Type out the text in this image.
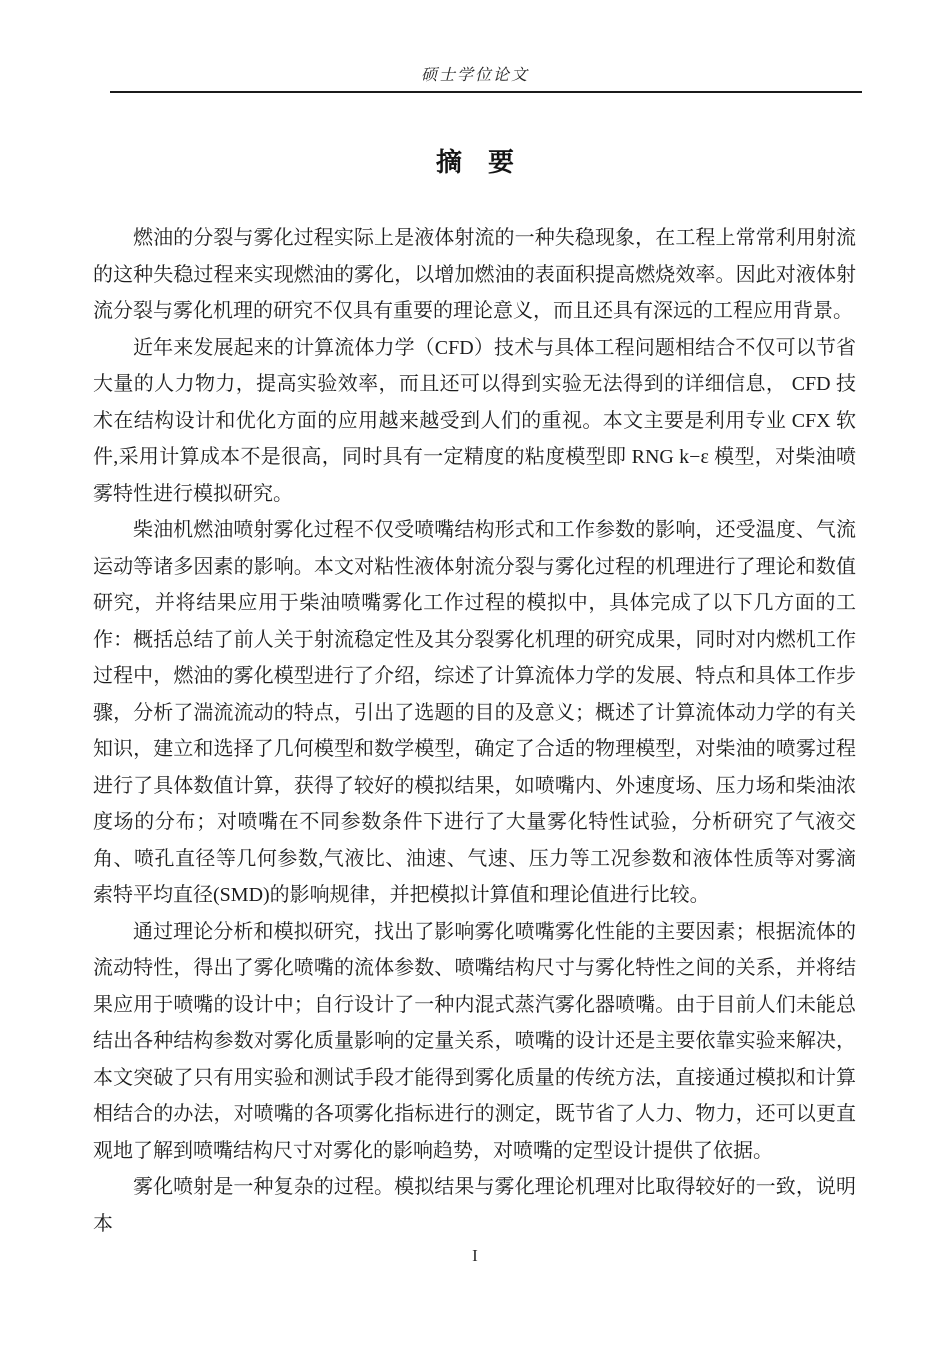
硕士学位论文
摘　要

燃油的分裂与雾化过程实际上是液体射流的一种失稳现象，在工程上常常利用射流的这种失稳过程来实现燃油的雾化，以增加燃油的表面积提高燃烧效率。因此对液体射流分裂与雾化机理的研究不仅具有重要的理论意义，而且还具有深远的工程应用背景。

近年来发展起来的计算流体力学（CFD）技术与具体工程问题相结合不仅可以节省大量的人力物力，提高实验效率，而且还可以得到实验无法得到的详细信息， CFD 技术在结构设计和优化方面的应用越来越受到人们的重视。本文主要是利用专业 CFX 软件,采用计算成本不是很高，同时具有一定精度的粘度模型即 RNG k−ε 模型，对柴油喷雾特性进行模拟研究。

柴油机燃油喷射雾化过程不仅受喷嘴结构形式和工作参数的影响，还受温度、气流运动等诸多因素的影响。本文对粘性液体射流分裂与雾化过程的机理进行了理论和数值研究，并将结果应用于柴油喷嘴雾化工作过程的模拟中，具体完成了以下几方面的工作：概括总结了前人关于射流稳定性及其分裂雾化机理的研究成果，同时对内燃机工作过程中，燃油的雾化模型进行了介绍，综述了计算流体力学的发展、特点和具体工作步骤，分析了湍流流动的特点，引出了选题的目的及意义；概述了计算流体动力学的有关知识，建立和选择了几何模型和数学模型，确定了合适的物理模型，对柴油的喷雾过程进行了具体数值计算，获得了较好的模拟结果，如喷嘴内、外速度场、压力场和柴油浓度场的分布；对喷嘴在不同参数条件下进行了大量雾化特性试验，分析研究了气液交角、喷孔直径等几何参数,气液比、油速、气速、压力等工况参数和液体性质等对雾滴索特平均直径(SMD)的影响规律，并把模拟计算值和理论值进行比较。

通过理论分析和模拟研究，找出了影响雾化喷嘴雾化性能的主要因素；根据流体的流动特性，得出了雾化喷嘴的流体参数、喷嘴结构尺寸与雾化特性之间的关系，并将结果应用于喷嘴的设计中；自行设计了一种内混式蒸汽雾化器喷嘴。由于目前人们未能总结出各种结构参数对雾化质量影响的定量关系，喷嘴的设计还是主要依靠实验来解决，本文突破了只有用实验和测试手段才能得到雾化质量的传统方法，直接通过模拟和计算相结合的办法，对喷嘴的各项雾化指标进行的测定，既节省了人力、物力，还可以更直观地了解到喷嘴结构尺寸对雾化的影响趋势，对喷嘴的定型设计提供了依据。

雾化喷射是一种复杂的过程。模拟结果与雾化理论机理对比取得较好的一致，说明本

I
